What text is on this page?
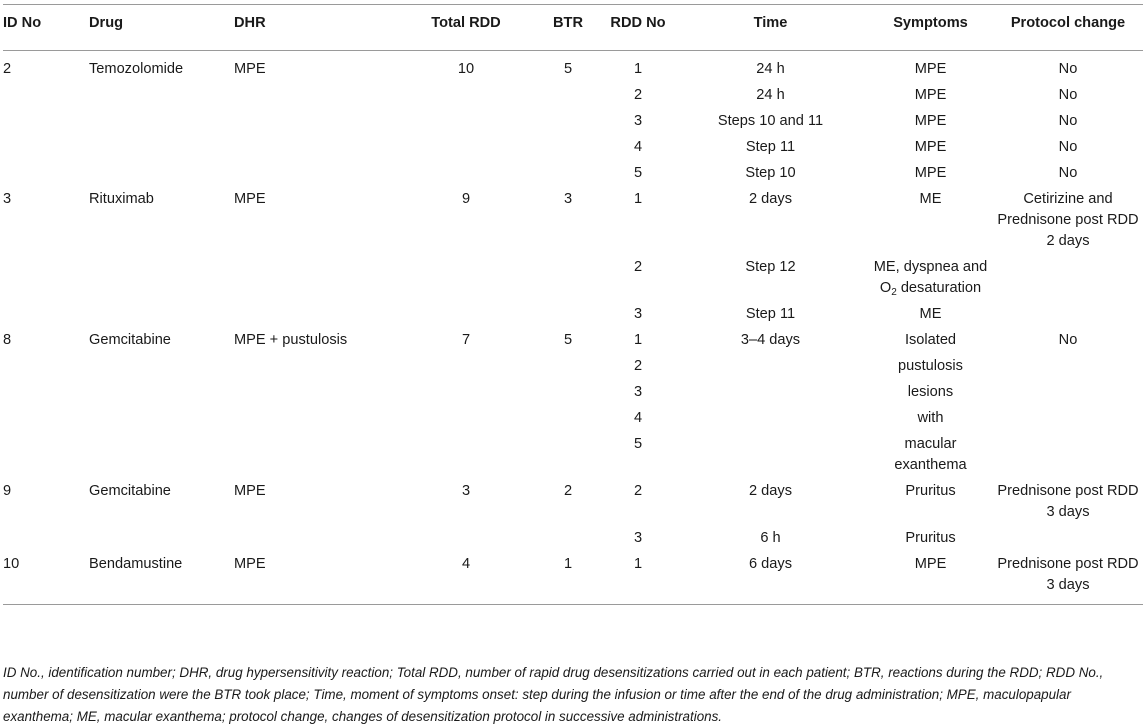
ID No	Drug	DHR	Total RDD	BTR	RDD No	Time	Symptoms	Protocol change
2	Temozolomide	MPE	10	5	1	24 h	MPE	No
					2	24 h	MPE	No
					3	Steps 10 and 11	MPE	No
					4	Step 11	MPE	No
					5	Step 10	MPE	No
3	Rituximab	MPE	9	3	1	2 days	ME	Cetirizine and Prednisone post RDD 2 days
					2	Step 12	ME, dyspnea and $O_2$ desaturation	
					3	Step 11	ME	
8	Gemcitabine	MPE + pustulosis	7	5	1	3–4 days	Isolated	No
					2		pustulosis	
					3		lesions	
					4		with	
					5		macular exanthema	
9	Gemcitabine	MPE	3	2	2	2 days	Pruritus	Prednisone post RDD 3 days
					3	6 h	Pruritus	
10	Bendamustine	MPE	4	1	1	6 days	MPE	Prednisone post RDD 3 days
ID No., identification number; DHR, drug hypersensitivity reaction; Total RDD, number of rapid drug desensitizations carried out in each patient; BTR, reactions during the RDD; RDD No., number of desensitization were the BTR took place; Time, moment of symptoms onset: step during the infusion or time after the end of the drug administration; MPE, maculopapular exanthema; ME, macular exanthema; protocol change, changes of desensitization protocol in successive administrations.
